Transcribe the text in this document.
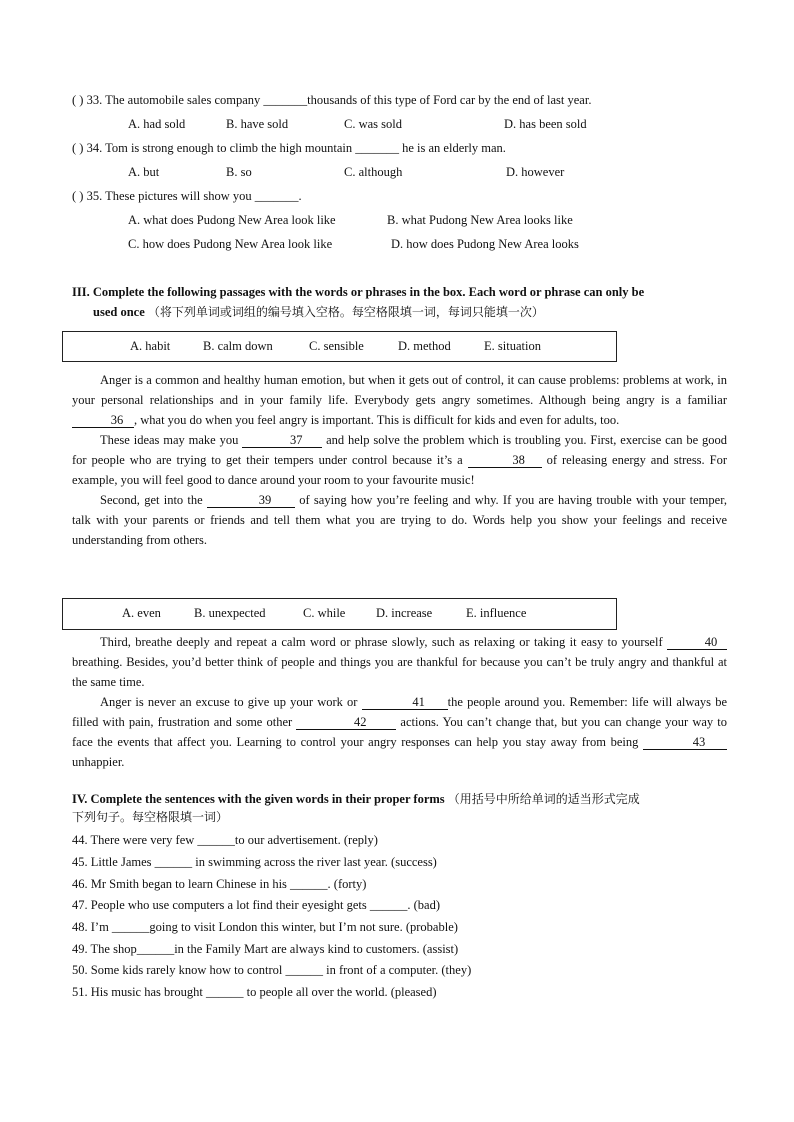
( ) 33. The automobile sales company _______thousands of this type of Ford car by the end of last year.
A. had sold	B. have sold	C. was sold	D. has been sold
( ) 34. Tom is strong enough to climb the high mountain _______ he is an elderly man.
A. but	B. so	C. although	D. however
( ) 35. These pictures will show you _______.
A. what does Pudong New Area look like	B. what Pudong New Area looks like
C. how does Pudong New Area look like	D. how does Pudong New Area looks
III. Complete the following passages with the words or phrases in the box. Each word or phrase can only be
used once （将下列单词或词组的编号填入空格。每空格限填一词，每词只能填一次）
A. habit	B. calm down	C. sensible	D. method	E. situation

Anger is a common and healthy human emotion, but when it gets out of control, it can cause problems: problems at work, in your personal relationships and in your family life. Everybody gets angry sometimes. Although being angry is a familiar36 , what you do when you feel angry is important. This is difficult for kids and even for adults, too.

These ideas may make you	37 and help solve the problem which is troubling you. First, exercise can be good for people who are trying to get their tempers under control because it’s a	38 of releasing energy and stress. For example, you will feel good to dance around your room to your favourite music!

Second, get into the	39 of saying how you’re feeling and why. If you are having trouble with your temper, talk with your parents or friends and tell them what you are trying to do. Words help you show your feelings and receive understanding from others.

A. even	B. unexpected	C. while D. increase	E. influence

Third, breathe deeply and repeat a calm word or phrase slowly, such as relaxing or taking it easy to yourself	40breathing. Besides, you’d better think of people and things you are thankful for because you can’t be truly angry and thankful at the same time.

Anger is never an excuse to give up your work or	41 the people around you. Remember: life will always be filled with pain, frustration and some other	42 actions. You can’t change that, but you can change your way to face the events that affect you. Learning to control your angry responses can help you stay away from being	43unhappier.

IV. Complete the sentences with the given words in their proper forms （用括号中所给单词的适当形式完成
下列句子。每空格限填一词）
44. There were very few ______to our advertisement. (reply)
45. Little James ______ in swimming across the river last year. (success)
46. Mr Smith began to learn Chinese in his ______. (forty)
47. People who use computers a lot find their eyesight gets ______. (bad)
48. I’m ______going to visit London this winter, but I’m not sure. (probable)
49. The shop______in the Family Mart are always kind to customers. (assist)
50. Some kids rarely know how to control ______ in front of a computer. (they)
51. His music has brought ______ to people all over the world. (pleased)
